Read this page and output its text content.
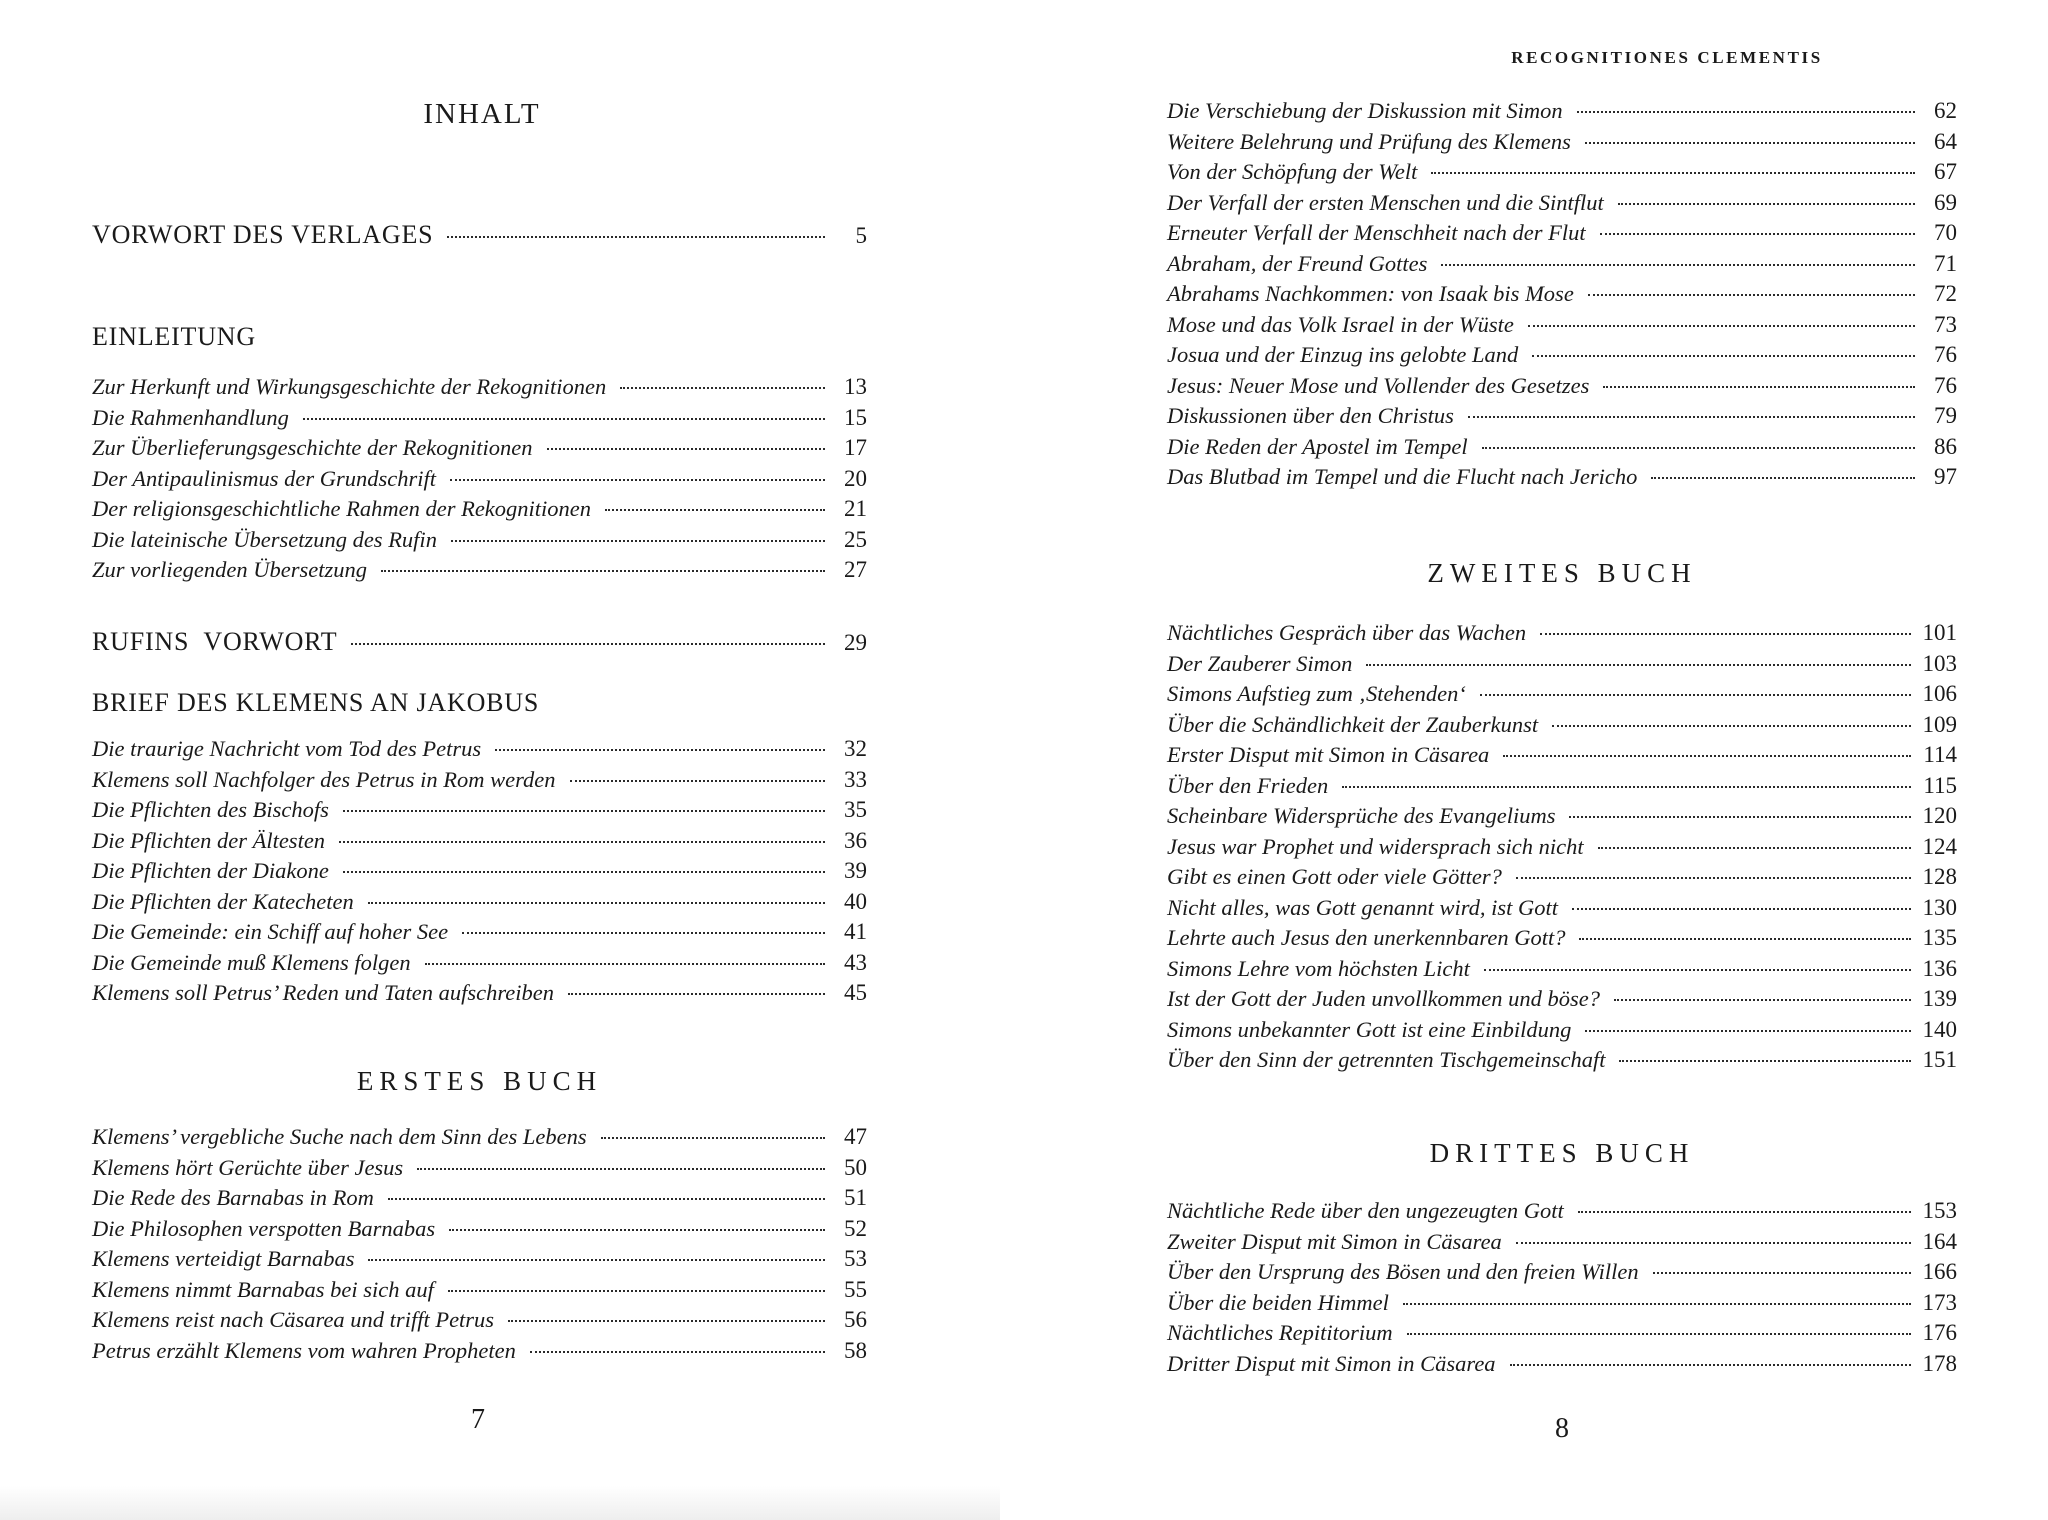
INHALT
VORWORT DES VERLAGES	5
EINLEITUNG
Zur Herkunft und Wirkungsgeschichte der Rekognitionen	13
Die Rahmenhandlung	15
Zur Überlieferungsgeschichte der Rekognitionen	17
Der Antipaulinismus der Grundschrift	20
Der religionsgeschichtliche Rahmen der Rekognitionen	21
Die lateinische Übersetzung des Rufin	25
Zur vorliegenden Übersetzung	27
RUFINS  VORWORT	29
BRIEF DES KLEMENS AN JAKOBUS
Die traurige Nachricht vom Tod des Petrus	32
Klemens soll Nachfolger des Petrus in Rom werden	33
Die Pflichten des Bischofs	35
Die Pflichten der Ältesten	36
Die Pflichten der Diakone	39
Die Pflichten der Katecheten	40
Die Gemeinde: ein Schiff auf hoher See	41
Die Gemeinde muß Klemens folgen	43
Klemens soll Petrus’ Reden und Taten aufschreiben	45
ERSTES BUCH
Klemens’ vergebliche Suche nach dem Sinn des Lebens	47
Klemens hört Gerüchte über Jesus	50
Die Rede des Barnabas in Rom	51
Die Philosophen verspotten Barnabas	52
Klemens verteidigt Barnabas	53
Klemens nimmt Barnabas bei sich auf	55
Klemens reist nach Cäsarea und trifft Petrus	56
Petrus erzählt Klemens vom wahren Propheten	58
7
RECOGNITIONES CLEMENTIS
Die Verschiebung der Diskussion mit Simon	62
Weitere Belehrung und Prüfung des Klemens	64
Von der Schöpfung der Welt	67
Der Verfall der ersten Menschen und die Sintflut	69
Erneuter Verfall der Menschheit nach der Flut	70
Abraham, der Freund Gottes	71
Abrahams Nachkommen: von Isaak bis Mose	72
Mose und das Volk Israel in der Wüste	73
Josua und der Einzug ins gelobte Land	76
Jesus: Neuer Mose und Vollender des Gesetzes	76
Diskussionen über den Christus	79
Die Reden der Apostel im Tempel	86
Das Blutbad im Tempel und die Flucht nach Jericho	97
ZWEITES BUCH
Nächtliches Gespräch über das Wachen	101
Der Zauberer Simon	103
Simons Aufstieg zum ‚Stehenden‘	106
Über die Schändlichkeit der Zauberkunst	109
Erster Disput mit Simon in Cäsarea	114
Über den Frieden	115
Scheinbare Widersprüche des Evangeliums	120
Jesus war Prophet und widersprach sich nicht	124
Gibt es einen Gott oder viele Götter?	128
Nicht alles, was Gott genannt wird, ist Gott	130
Lehrte auch Jesus den unerkennbaren Gott?	135
Simons Lehre vom höchsten Licht	136
Ist der Gott der Juden unvollkommen und böse?	139
Simons unbekannter Gott ist eine Einbildung	140
Über den Sinn der getrennten Tischgemeinschaft	151
DRITTES BUCH
Nächtliche Rede über den ungezeugten Gott	153
Zweiter Disput mit Simon in Cäsarea	164
Über den Ursprung des Bösen und den freien Willen	166
Über die beiden Himmel	173
Nächtliches Repititorium	176
Dritter Disput mit Simon in Cäsarea	178
8
